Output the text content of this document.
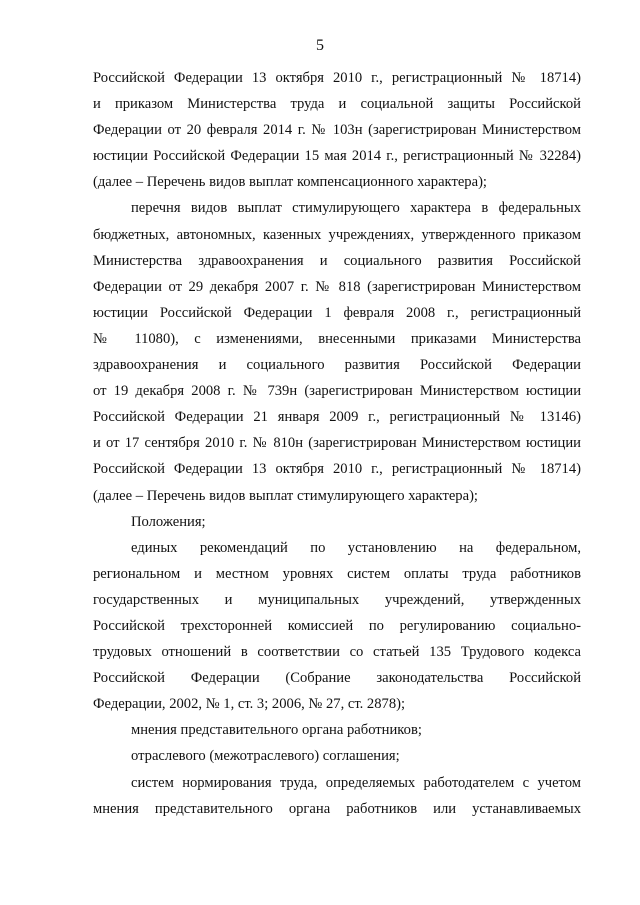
5
Российской Федерации 13 октября 2010 г., регистрационный № 18714)
и приказом Министерства труда и социальной защиты Российской
Федерации от 20 февраля 2014 г. № 103н (зарегистрирован Министерством
юстиции Российской Федерации 15 мая 2014 г., регистрационный № 32284)
(далее – Перечень видов выплат компенсационного характера);
перечня видов выплат стимулирующего характера в федеральных
бюджетных, автономных, казенных учреждениях, утвержденного приказом
Министерства здравоохранения и социального развития Российской
Федерации от 29 декабря 2007 г. № 818 (зарегистрирован Министерством
юстиции Российской Федерации 1 февраля 2008 г., регистрационный
№ 11080), с изменениями, внесенными приказами Министерства
здравоохранения и социального развития Российской Федерации
от 19 декабря 2008 г. № 739н (зарегистрирован Министерством юстиции
Российской Федерации 21 января 2009 г., регистрационный № 13146)
и от 17 сентября 2010 г. № 810н (зарегистрирован Министерством юстиции
Российской Федерации 13 октября 2010 г., регистрационный № 18714)
(далее – Перечень видов выплат стимулирующего характера);
Положения;
единых рекомендаций по установлению на федеральном,
региональном и местном уровнях систем оплаты труда работников
государственных и муниципальных учреждений, утвержденных
Российской трехсторонней комиссией по регулированию социально-
трудовых отношений в соответствии со статьей 135 Трудового кодекса
Российской Федерации (Собрание законодательства Российской
Федерации, 2002, № 1, ст. 3; 2006, № 27, ст. 2878);
мнения представительного органа работников;
отраслевого (межотраслевого) соглашения;
систем нормирования труда, определяемых работодателем с учетом
мнения представительного органа работников или устанавливаемых
